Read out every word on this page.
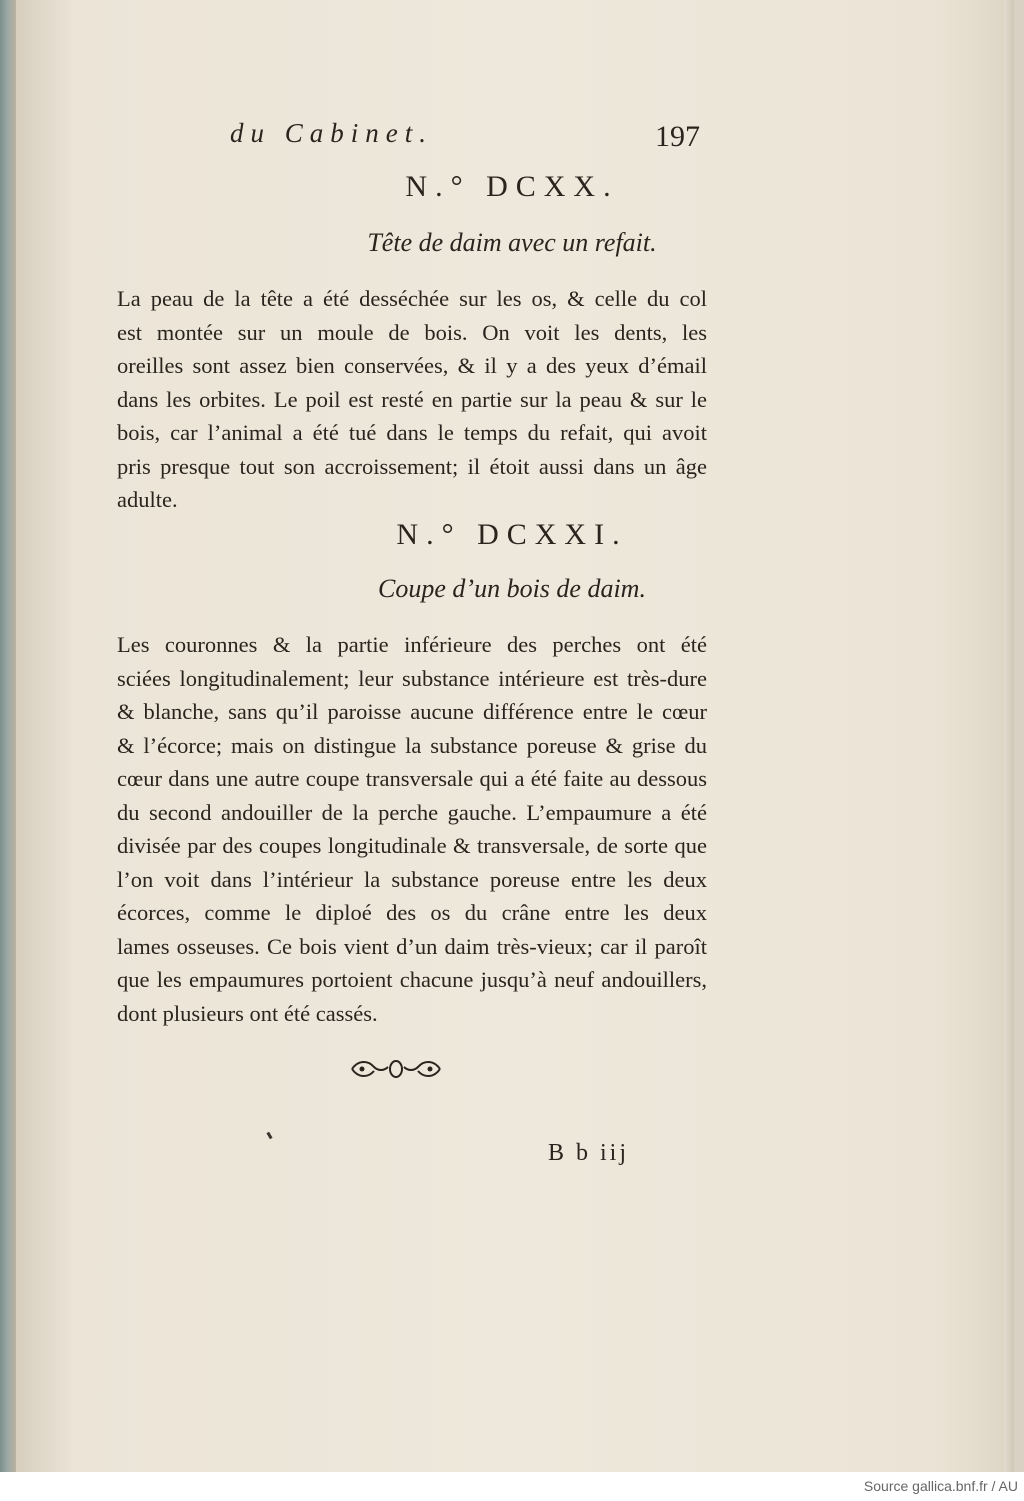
du Cabinet.	197
N.° DCXX.
Tête de daim avec un refait.
La peau de la tête a été desséchée sur les os, & celle du col
est montée sur un moule de bois. On voit les dents, les
oreilles sont assez bien conservées, & il y a des yeux d’émail
dans les orbites. Le poil est resté en partie sur la peau & sur le
bois, car l’animal a été tué dans le temps du refait, qui avoit
pris presque tout son accroissement; il étoit aussi dans un âge
adulte.
N.° DCXXI.
Coupe d’un bois de daim.
Les couronnes & la partie inférieure des perches ont été
sciées longitudinalement; leur substance intérieure est très-dure
& blanche, sans qu’il paroisse aucune différence entre le cœur
& l’écorce; mais on distingue la substance poreuse & grise du
cœur dans une autre coupe transversale qui a été faite au dessous
du second andouiller de la perche gauche. L’empaumure a été
divisée par des coupes longitudinale & transversale, de sorte que
l’on voit dans l’intérieur la substance poreuse entre les deux
écorces, comme le diploé des os du crâne entre les deux
lames osseuses. Ce bois vient d’un daim très-vieux; car il paroît
que les empaumures portoient chacune jusqu’à neuf andouillers,
dont plusieurs ont été cassés.
B b iij
Source gallica.bnf.fr / AU
